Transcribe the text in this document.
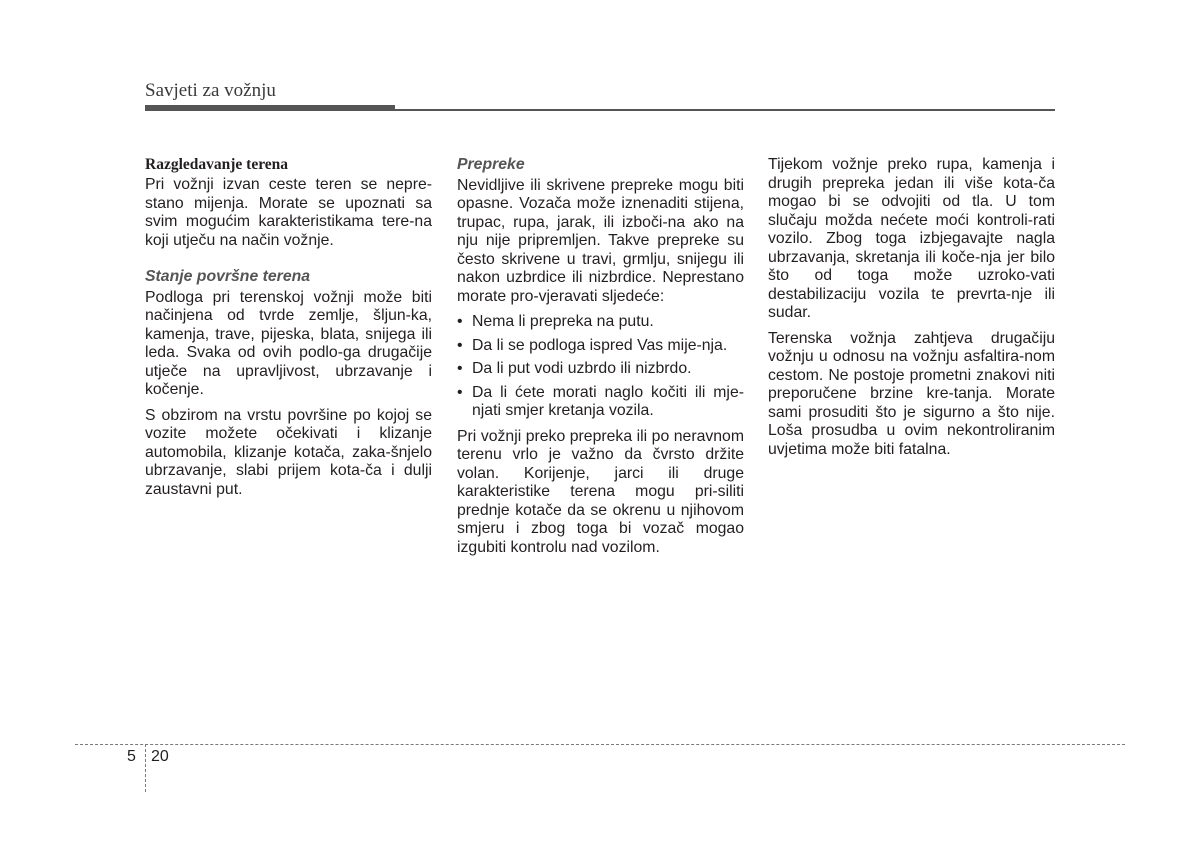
Savjeti za vožnju
Razgledavanje terena

Pri vožnji izvan ceste teren se nepre-stano mijenja. Morate se upoznati sa svim mogućim karakteristikama tere-na koji utječu na način vožnje.

Stanje površne terena

Podloga pri terenskoj vožnji može biti načinjena od tvrde zemlje, šljun-ka, kamenja, trave, pijeska, blata, snijega ili leda. Svaka od ovih podlo-ga drugačije utječe na upravljivost, ubrzavanje i kočenje.

S obzirom na vrstu površine po kojoj se vozite možete očekivati i klizanje automobila, klizanje kotača, zaka-šnjelo ubrzavanje, slabi prijem kota-ča i dulji zaustavni put.

Prepreke

Nevidljive ili skrivene prepreke mogu biti opasne. Vozača može iznenaditi stijena, trupac, rupa, jarak, ili izboči-na ako na nju nije pripremljen. Takve prepreke su često skrivene u travi, grmlju, snijegu ili nakon uzbrdice ili nizbrdice. Neprestano morate pro-vjeravati sljedeće:

• Nema li prepreka na putu.
• Da li se podloga ispred Vas mije-nja.
• Da li put vodi uzbrdo ili nizbrdo.
• Da li ćete morati naglo kočiti ili mje-njati smjer kretanja vozila.

Pri vožnji preko prepreka ili po neravnom terenu vrlo je važno da čvrsto držite volan. Korijenje, jarci ili druge karakteristike terena mogu pri-siliti prednje kotače da se okrenu u njihovom smjeru i zbog toga bi vozač mogao izgubiti kontrolu nad vozilom.

Tijekom vožnje preko rupa, kamenja i drugih prepreka jedan ili više kota-ča mogao bi se odvojiti od tla. U tom slučaju možda nećete moći kontroli-rati vozilo. Zbog toga izbjegavajte nagla ubrzavanja, skretanja ili koče-nja jer bilo što od toga može uzroko-vati destabilizaciju vozila te prevrta-nje ili sudar.

Terenska vožnja zahtjeva drugačiju vožnju u odnosu na vožnju asfaltira-nom cestom. Ne postoje prometni znakovi niti preporučene brzine kre-tanja. Morate sami prosuditi što je sigurno a što nije. Loša prosudba u ovim nekontroliranim uvjetima može biti fatalna.

5 20
